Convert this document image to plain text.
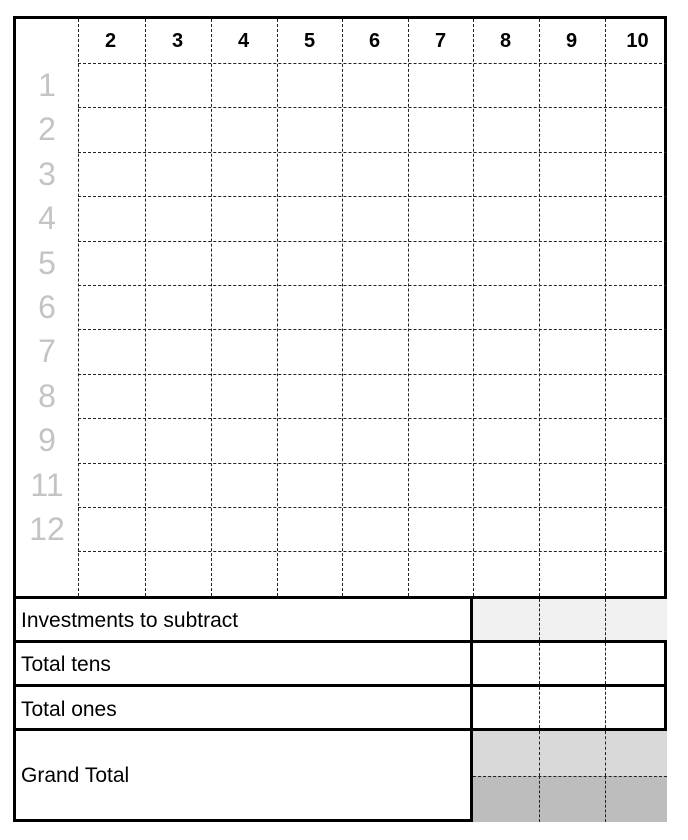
2	3	4	5	6	7	8	9	10
1
2
3
4
5
6
7
8
9
11
12
Investments to subtract
Total tens
Total ones
Grand Total
